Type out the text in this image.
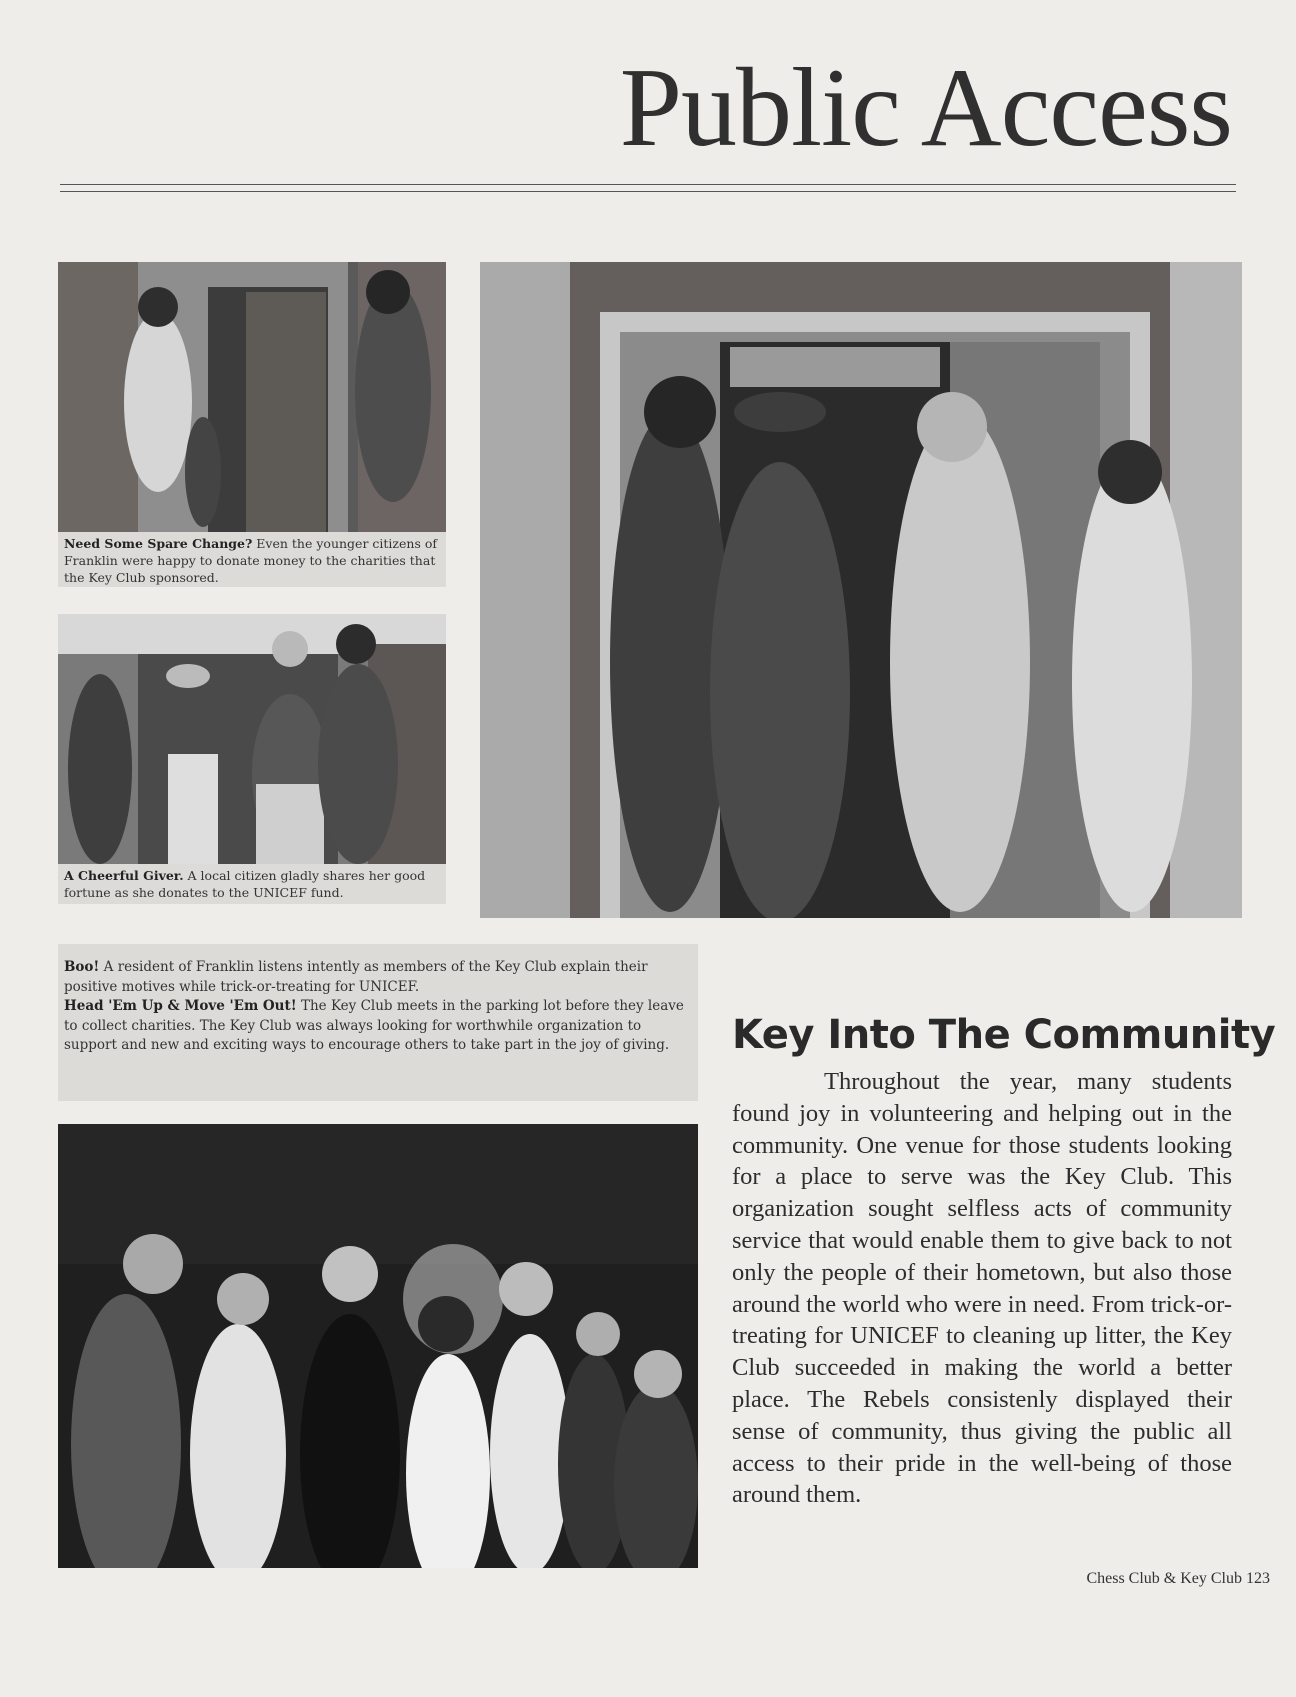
Public Access

Need Some Spare Change? Even the younger citizens of Franklin were happy to donate money to the charities that the Key Club sponsored.

A Cheerful Giver. A local citizen gladly shares her good fortune as she donates to the UNICEF fund.

Boo! A resident of Franklin listens intently as members of the Key Club explain their positive motives while trick-or-treating for UNICEF.

Head 'Em Up & Move 'Em Out! The Key Club meets in the parking lot before they leave to collect charities. The Key Club was always looking for worthwhile organization to support and new and exciting ways to encourage others to take part in the joy of giving.	Key Into The Community

Throughout the year, many students found joy in volunteering and helping out in the community. One venue for those students looking for a place to serve was the Key Club. This organization sought selfless acts of community service that would enable them to give back to not only the people of their hometown, but also those around the world who were in need. From trick-or-treating for UNICEF to cleaning up litter, the Key Club succeeded in making the world a better place. The Rebels consistenly displayed their sense of community, thus giving the public all access to their pride in the well-being of those around them.

Chess Club & Key Club 123
